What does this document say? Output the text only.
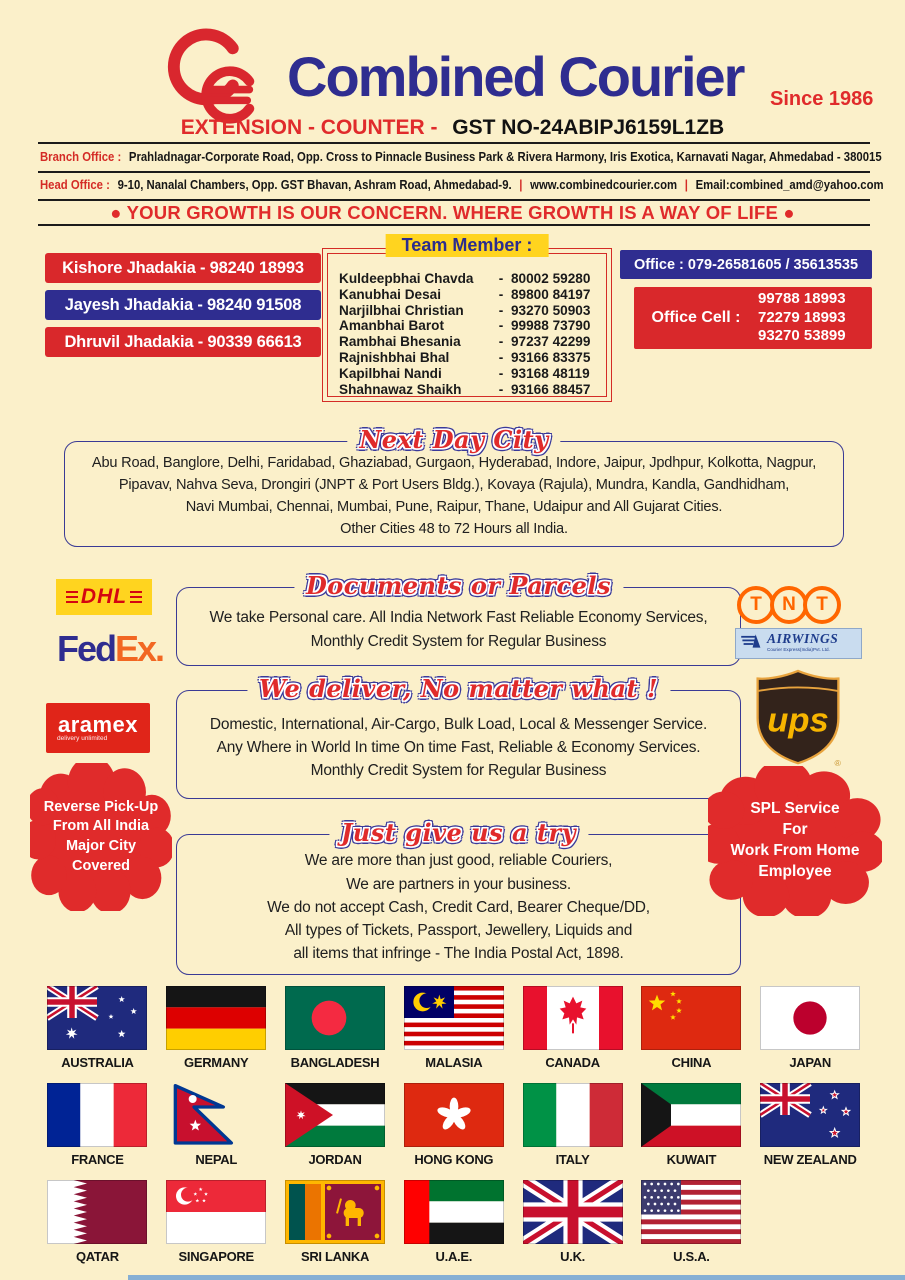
Combined Courier Since 1986
EXTENSION - COUNTER - GST NO-24ABIPJ6159L1ZB
Branch Office : Prahladnagar-Corporate Road, Opp. Cross to Pinnacle Business Park & Rivera Harmony, Iris Exotica, Karnavati Nagar, Ahmedabad - 380015
Head Office : 9-10, Nanalal Chambers, Opp. GST Bhavan, Ashram Road, Ahmedabad-9. | www.combinedcourier.com | Email:combined_amd@yahoo.com
● YOUR GROWTH IS OUR CONCERN. WHERE GROWTH IS A WAY OF LIFE ●
Kishore Jhadakia - 98240 18993
Jayesh Jhadakia - 98240 91508
Dhruvil Jhadakia - 90339 66613
Team Member :
Kuldeepbhai Chavda	- 80002 59280
Kanubhai Desai	- 89800 84197
Narjilbhai Christian	- 93270 50903
Amanbhai Barot	- 99988 73790
Rambhai Bhesania	- 97237 42299
Rajnishbhai Bhal	- 93166 83375
Kapilbhai Nandi	- 93168 48119
Shahnawaz Shaikh	- 93166 88457
Office : 079-26581605 / 35613535
Office Cell :
99788 18993
72279 18993
93270 53899
Next Day City
Abu Road, Banglore, Delhi, Faridabad, Ghaziabad, Gurgaon, Hyderabad, Indore, Jaipur, Jpdhpur, Kolkotta, Nagpur,
Pipavav, Nahva Seva, Drongiri (JNPT & Port Users Bldg.), Kovaya (Rajula), Mundra, Kandla, Gandhidham,
Navi Mumbai, Chennai, Mumbai, Pune, Raipur, Thane, Udaipur and All Gujarat Cities.
Other Cities 48 to 72 Hours all India.
Documents or Parcels
We take Personal care. All India Network Fast Reliable Economy Services,
Monthly Credit System for Regular Business
We deliver, No matter what !
Domestic, International, Air-Cargo, Bulk Load, Local & Messenger Service.
Any Where in World In time On time Fast, Reliable & Economy Services.
Monthly Credit System for Regular Business
Just give us a try
We are more than just good, reliable Couriers,
We are partners in your business.
We do not accept Cash, Credit Card, Bearer Cheque/DD,
All types of Tickets, Passport, Jewellery, Liquids and
all items that infringe - The India Postal Act, 1898.
DHL
FedEx.
aramex
delivery unlimited
T	N	T
AIRWINGS
Courier Express(India)Pvt. Ltd.
ups
®
Reverse Pick-Up
From All India
Major City
Covered
SPL Service
For
Work From Home
Employee
AUSTRALIA	GERMANY	BANGLADESH	MALASIA	CANADA	CHINA	JAPAN
FRANCE	NEPAL	JORDAN	HONG KONG	ITALY	KUWAIT	NEW ZEALAND
QATAR	SINGAPORE	SRI LANKA	U.A.E.	U.K.	U.S.A.
